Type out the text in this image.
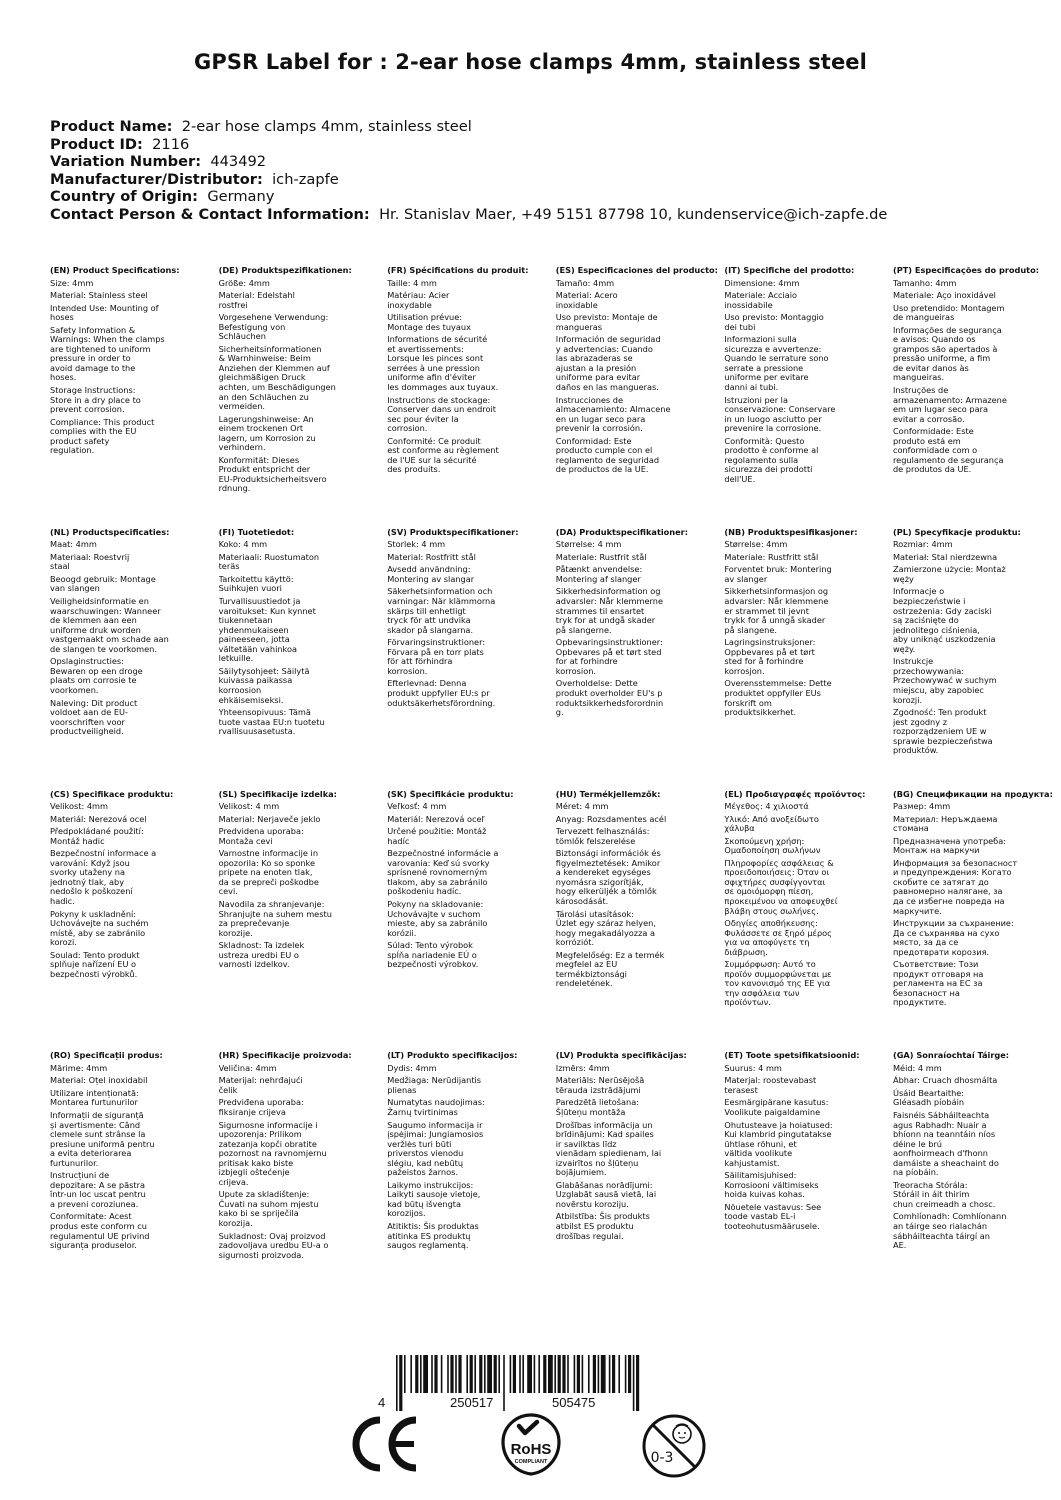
GPSR Label for : 2-ear hose clamps 4mm, stainless steel
Product Name: 2-ear hose clamps 4mm, stainless steel
Product ID: 2116
Variation Number: 443492
Manufacturer/Distributor: ich-zapfe
Country of Origin: Germany
Contact Person & Contact Information: Hr. Stanislav Maer, +49 5151 87798 10, kundenservice@ich-zapfe.de
(EN) Product Specifications:
Size: 4mm
Material: Stainless steel
Intended Use: Mounting of
hoses
Safety Information &
Warnings: When the clamps
are tightened to uniform
pressure in order to
avoid damage to the
hoses.
Storage Instructions:
Store in a dry place to
prevent corrosion.
Compliance: This product
complies with the EU
product safety
regulation.
(DE) Produktspezifikationen:
Größe: 4mm
Material: Edelstahl
rostfrei
Vorgesehene Verwendung:
Befestigung von
Schläuchen
Sicherheitsinformationen
& Warnhinweise: Beim
Anziehen der Klemmen auf
gleichmäßigen Druck
achten, um Beschädigungen
an den Schläuchen zu
vermeiden.
Lagerungshinweise: An
einem trockenen Ort
lagern, um Korrosion zu
verhindern.
Konformität: Dieses
Produkt entspricht der
EU-Produktsicherheitsvero
rdnung.
(FR) Spécifications du produit:
Taille: 4 mm
Matériau: Acier
inoxydable
Utilisation prévue:
Montage des tuyaux
Informations de sécurité
et avertissements:
Lorsque les pinces sont
serrées à une pression
uniforme afin d'éviter
les dommages aux tuyaux.
Instructions de stockage:
Conserver dans un endroit
sec pour éviter la
corrosion.
Conformité: Ce produit
est conforme au règlement
de l'UE sur la sécurité
des produits.
(ES) Especificaciones del producto:
Tamaño: 4mm
Material: Acero
inoxidable
Uso previsto: Montaje de
mangueras
Información de seguridad
y advertencias: Cuando
las abrazaderas se
ajustan a la presión
uniforme para evitar
daños en las mangueras.
Instrucciones de
almacenamiento: Almacene
en un lugar seco para
prevenir la corrosión.
Conformidad: Este
producto cumple con el
reglamento de seguridad
de productos de la UE.
(IT) Specifiche del prodotto:
Dimensione: 4mm
Materiale: Acciaio
inossidabile
Uso previsto: Montaggio
dei tubi
Informazioni sulla
sicurezza e avvertenze:
Quando le serrature sono
serrate a pressione
uniforme per evitare
danni ai tubi.
Istruzioni per la
conservazione: Conservare
in un luogo asciutto per
prevenire la corrosione.
Conformità: Questo
prodotto è conforme al
regolamento sulla
sicurezza dei prodotti
dell'UE.
(PT) Especificações do produto:
Tamanho: 4mm
Materiale: Aço inoxidável
Uso pretendido: Montagem
de mangueiras
Informações de segurança
e avisos: Quando os
grampos são apertados à
pressão uniforme, a fim
de evitar danos às
mangueiras.
Instruções de
armazenamento: Armazene
em um lugar seco para
evitar a corrosão.
Conformidade: Este
produto está em
conformidade com o
regulamento de segurança
de produtos da UE.
(NL) Productspecificaties:
Maat: 4mm
Materiaal: Roestvrij
staal
Beoogd gebruik: Montage
van slangen
Veiligheidsinformatie en
waarschuwingen: Wanneer
de klemmen aan een
uniforme druk worden
vastgemaakt om schade aan
de slangen te voorkomen.
Opslaginstructies:
Bewaren op een droge
plaats om corrosie te
voorkomen.
Naleving: Dit product
voldoet aan de EU-
voorschriften voor
productveiligheid.
(FI) Tuotetiedot:
Koko: 4 mm
Materiaali: Ruostumaton
teräs
Tarkoitettu käyttö:
Suihkujen vuori
Turvallisuustiedot ja
varoitukset: Kun kynnet
tiukennetaan
yhdenmukaiseen
paineeseen, jotta
vältetään vahinkoa
letkuille.
Säilytysohjeet: Säilytä
kuivassa paikassa
korroosion
ehkäisemiseksi.
Yhteensopivuus: Tämä
tuote vastaa EU:n tuotetu
rvallisuusasetusta.
(SV) Produktspecifikationer:
Storlek: 4 mm
Material: Rostfritt stål
Avsedd användning:
Montering av slangar
Säkerhetsinformation och
varningar: När klämmorna
skärps till enhetligt
tryck för att undvika
skador på slangarna.
Förvaringsinstruktioner:
Förvara på en torr plats
för att förhindra
korrosion.
Efterlevnad: Denna
produkt uppfyller EU:s pr
oduktsäkerhetsförordning.
(DA) Produktspecifikationer:
Størrelse: 4 mm
Materiale: Rustfrit stål
Påtænkt anvendelse:
Montering af slanger
Sikkerhedsinformation og
advarsler: Når klemmerne
strammes til ensartet
tryk for at undgå skader
på slangerne.
Opbevaringsinstruktioner:
Opbevares på et tørt sted
for at forhindre
korrosion.
Overholdelse: Dette
produkt overholder EU's p
roduktsikkerhedsforordnin
g.
(NB) Produktspesifikasjoner:
Størrelse: 4mm
Materiale: Rustfritt stål
Forventet bruk: Montering
av slanger
Sikkerhetsinformasjon og
advarsler: Når klemmene
er strammet til jevnt
trykk for å unngå skader
på slangene.
Lagringsinstruksjoner:
Oppbevares på et tørt
sted for å forhindre
korrosjon.
Overensstemmelse: Dette
produktet oppfyller EUs
forskrift om
produktsikkerhet.
(PL) Specyfikacje produktu:
Rozmiar: 4mm
Materiał: Stal nierdzewna
Zamierzone użycie: Montaż
węży
Informacje o
bezpieczeństwie i
ostrzeżenia: Gdy zaciski
są zaciśnięte do
jednolitego ciśnienia,
aby uniknąć uszkodzenia
węży.
Instrukcje
przechowywania:
Przechowywać w suchym
miejscu, aby zapobiec
korozji.
Zgodność: Ten produkt
jest zgodny z
rozporządzeniem UE w
sprawie bezpieczeństwa
produktów.
(CS) Specifikace produktu:
Velikost: 4mm
Materiál: Nerezová ocel
Předpokládané použití:
Montáž hadic
Bezpečnostní informace a
varování: Když jsou
svorky utaženy na
jednotný tlak, aby
nedošlo k poškození
hadic.
Pokyny k uskladnění:
Uchovávejte na suchém
místě, aby se zabránilo
korozi.
Soulad: Tento produkt
splňuje nařízení EU o
bezpečnosti výrobků.
(SL) Specifikacije izdelka:
Velikost: 4 mm
Material: Nerjaveče jeklo
Predvidena uporaba:
Montaža cevi
Varnostne informacije in
opozorila: Ko so sponke
pripete na enoten tlak,
da se prepreči poškodbe
cevi.
Navodila za shranjevanje:
Shranjujte na suhem mestu
za preprečevanje
korozije.
Skladnost: Ta izdelek
ustreza uredbi EU o
varnosti izdelkov.
(SK) Špecifikácie produktu:
Veľkosť: 4 mm
Materiál: Nerezová oceľ
Určené použitie: Montáž
hadíc
Bezpečnostné informácie a
varovania: Keď sú svorky
sprísnené rovnomerným
tlakom, aby sa zabránilo
poškodeniu hadíc.
Pokyny na skladovanie:
Uchovávajte v suchom
mieste, aby sa zabránilo
korózii.
Súlad: Tento výrobok
spĺňa nariadenie EÚ o
bezpečnosti výrobkov.
(HU) Termékjellemzők:
Méret: 4 mm
Anyag: Rozsdamentes acél
Tervezett felhasználás:
tömlők felszerelése
Biztonsági információk és
figyelmeztetések: Amikor
a kendereket egységes
nyomásra szigorítják,
hogy elkerüljék a tömlők
károsodását.
Tárolási utasítások:
Üzlet egy száraz helyen,
hogy megakadályozza a
korróziót.
Megfelelőség: Ez a termék
megfelel az EU
termékbiztonsági
rendeletének.
(EL) Προδιαγραφές προϊόντος:
Μέγεθος: 4 χιλιοστά
Υλικό: Από ανοξείδωτο
χάλυβα
Σκοπούμενη χρήση:
Ομαδοποίηση σωλήνων
Πληροφορίες ασφάλειας &
προειδοποιήσεις: Όταν οι
σφιχτήρες συσφίγγονται
σε ομοιόμορφη πίεση,
προκειμένου να αποφευχθεί
βλάβη στους σωλήνες.
Οδηγίες αποθήκευσης:
Φυλάσσετε σε ξηρό μέρος
για να αποφύγετε τη
διάβρωση.
Συμμόρφωση: Αυτό το
προϊόν συμμορφώνεται με
τον κανονισμό της ΕΕ για
την ασφάλεια των
προϊόντων.
(BG) Спецификации на продукта:
Размер: 4mm
Материал: Неръждаема
стомана
Предназначена употреба:
Монтаж на маркучи
Информация за безопасност
и предупреждения: Когато
скобите се затягат до
равномерно налягане, за
да се избегне повреда на
маркучите.
Инструкции за съхранение:
Да се съхранява на сухо
място, за да се
предотврати корозия.
Съответствие: Този
продукт отговаря на
регламента на ЕС за
безопасност на
продуктите.
(RO) Specificații produs:
Mărime: 4mm
Material: Oțel inoxidabil
Utilizare intenționată:
Montarea furtunurilor
Informații de siguranță
și avertismente: Când
clemele sunt strânse la
presiune uniformă pentru
a evita deteriorarea
furtunurilor.
Instrucțiuni de
depozitare: A se păstra
într-un loc uscat pentru
a preveni coroziunea.
Conformitate: Acest
produs este conform cu
regulamentul UE privind
siguranța produselor.
(HR) Specifikacije proizvoda:
Veličina: 4mm
Materijal: nehrđajući
čelik
Predviđena uporaba:
fiksiranje crijeva
Sigurnosne informacije i
upozorenja: Prilikom
zatezanja kopči obratite
pozornost na ravnomjernu
pritisak kako biste
izbjegli oštećenje
crijeva.
Upute za skladištenje:
Čuvati na suhom mjestu
kako bi se spriječila
korozija.
Sukladnost: Ovaj proizvod
zadovoljava uredbu EU-a o
sigurnosti proizvoda.
(LT) Produkto specifikacijos:
Dydis: 4mm
Medžiaga: Nerūdijantis
plienas
Numatytas naudojimas:
Žarnų tvirtinimas
Saugumo informacija ir
įspėjimai: Jungiamosios
veržlės turi būti
priverstos vienodu
slėgiu, kad nebūtų
pažeistos žarnos.
Laikymo instrukcijos:
Laikyti sausoje vietoje,
kad būtų išvengta
korozijos.
Atitiktis: Šis produktas
atitinka ES produktų
saugos reglamentą.
(LV) Produkta specifikācijas:
Izmērs: 4mm
Materiāls: Nerūsējošā
tērauda izstrādājumi
Paredzētā lietošana:
Šļūteņu montāža
Drošības informācija un
brīdinājumi: Kad spailes
ir savilktas līdz
vienādam spiedienam, lai
izvairītos no šļūteņu
bojājumiem.
Glabāšanas norādījumi:
Uzglabāt sausā vietā, lai
novērstu koroziju.
Atbilstība: Šis produkts
atbilst ES produktu
drošības regulai.
(ET) Toote spetsifikatsioonid:
Suurus: 4 mm
Materjal: roostevabast
terasest
Eesmärgipärane kasutus:
Voolikute paigaldamine
Ohutusteave ja hoiatused:
Kui klambrid pingutatakse
ühtlase rõhuni, et
vältida voolikute
kahjustamist.
Säilitamisjuhised:
Korrosiooni vältimiseks
hoida kuivas kohas.
Nõuetele vastavus: See
toode vastab EL-i
tooteohutusmäärusele.
(GA) Sonraíochtaí Táirge:
Méid: 4 mm
Ábhar: Cruach dhosmálta
Úsáid Beartaithe:
Gléasadh píobáin
Faisnéis Sábháilteachta
agus Rabhadh: Nuair a
bhíonn na teanntáin níos
déine le brú
aonfhoirmeach d'fhonn
damáiste a sheachaint do
na píobáin.
Treoracha Stórála:
Stóráil in áit thirim
chun creimeadh a chosc.
Comhlíonadh: Comhlíonann
an táirge seo rialachán
sábháilteachta táirgí an
AE.
4	250517	505475
RoHS
COMPLIANT	0-3
